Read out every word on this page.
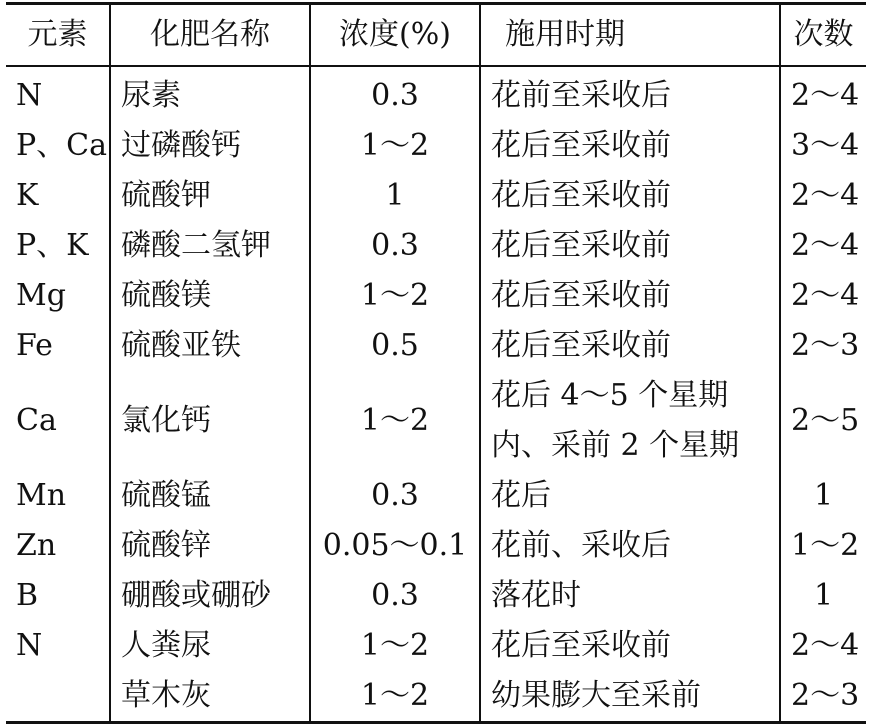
元素	化肥名称	浓度(%)	施用时期	次数
N	尿素	0.3	花前至采收后	2～4
P、Ca	过磷酸钙	1～2	花后至采收前	3～4
K	硫酸钾	1	花后至采收前	2～4
P、K	磷酸二氢钾	0.3	花后至采收前	2～4
Mg	硫酸镁	1～2	花后至采收前	2～4
Fe	硫酸亚铁	0.5	花后至采收前	2～3
Ca	氯化钙	1～2	花后 4～5 个星期内、采前 2 个星期	2～5
Mn	硫酸锰	0.3	花后	1
Zn	硫酸锌	0.05～0.1	花前、采收后	1～2
B	硼酸或硼砂	0.3	落花时	1
N	人粪尿	1～2	花后至采收前	2～4
	草木灰	1～2	幼果膨大至采前	2～3
